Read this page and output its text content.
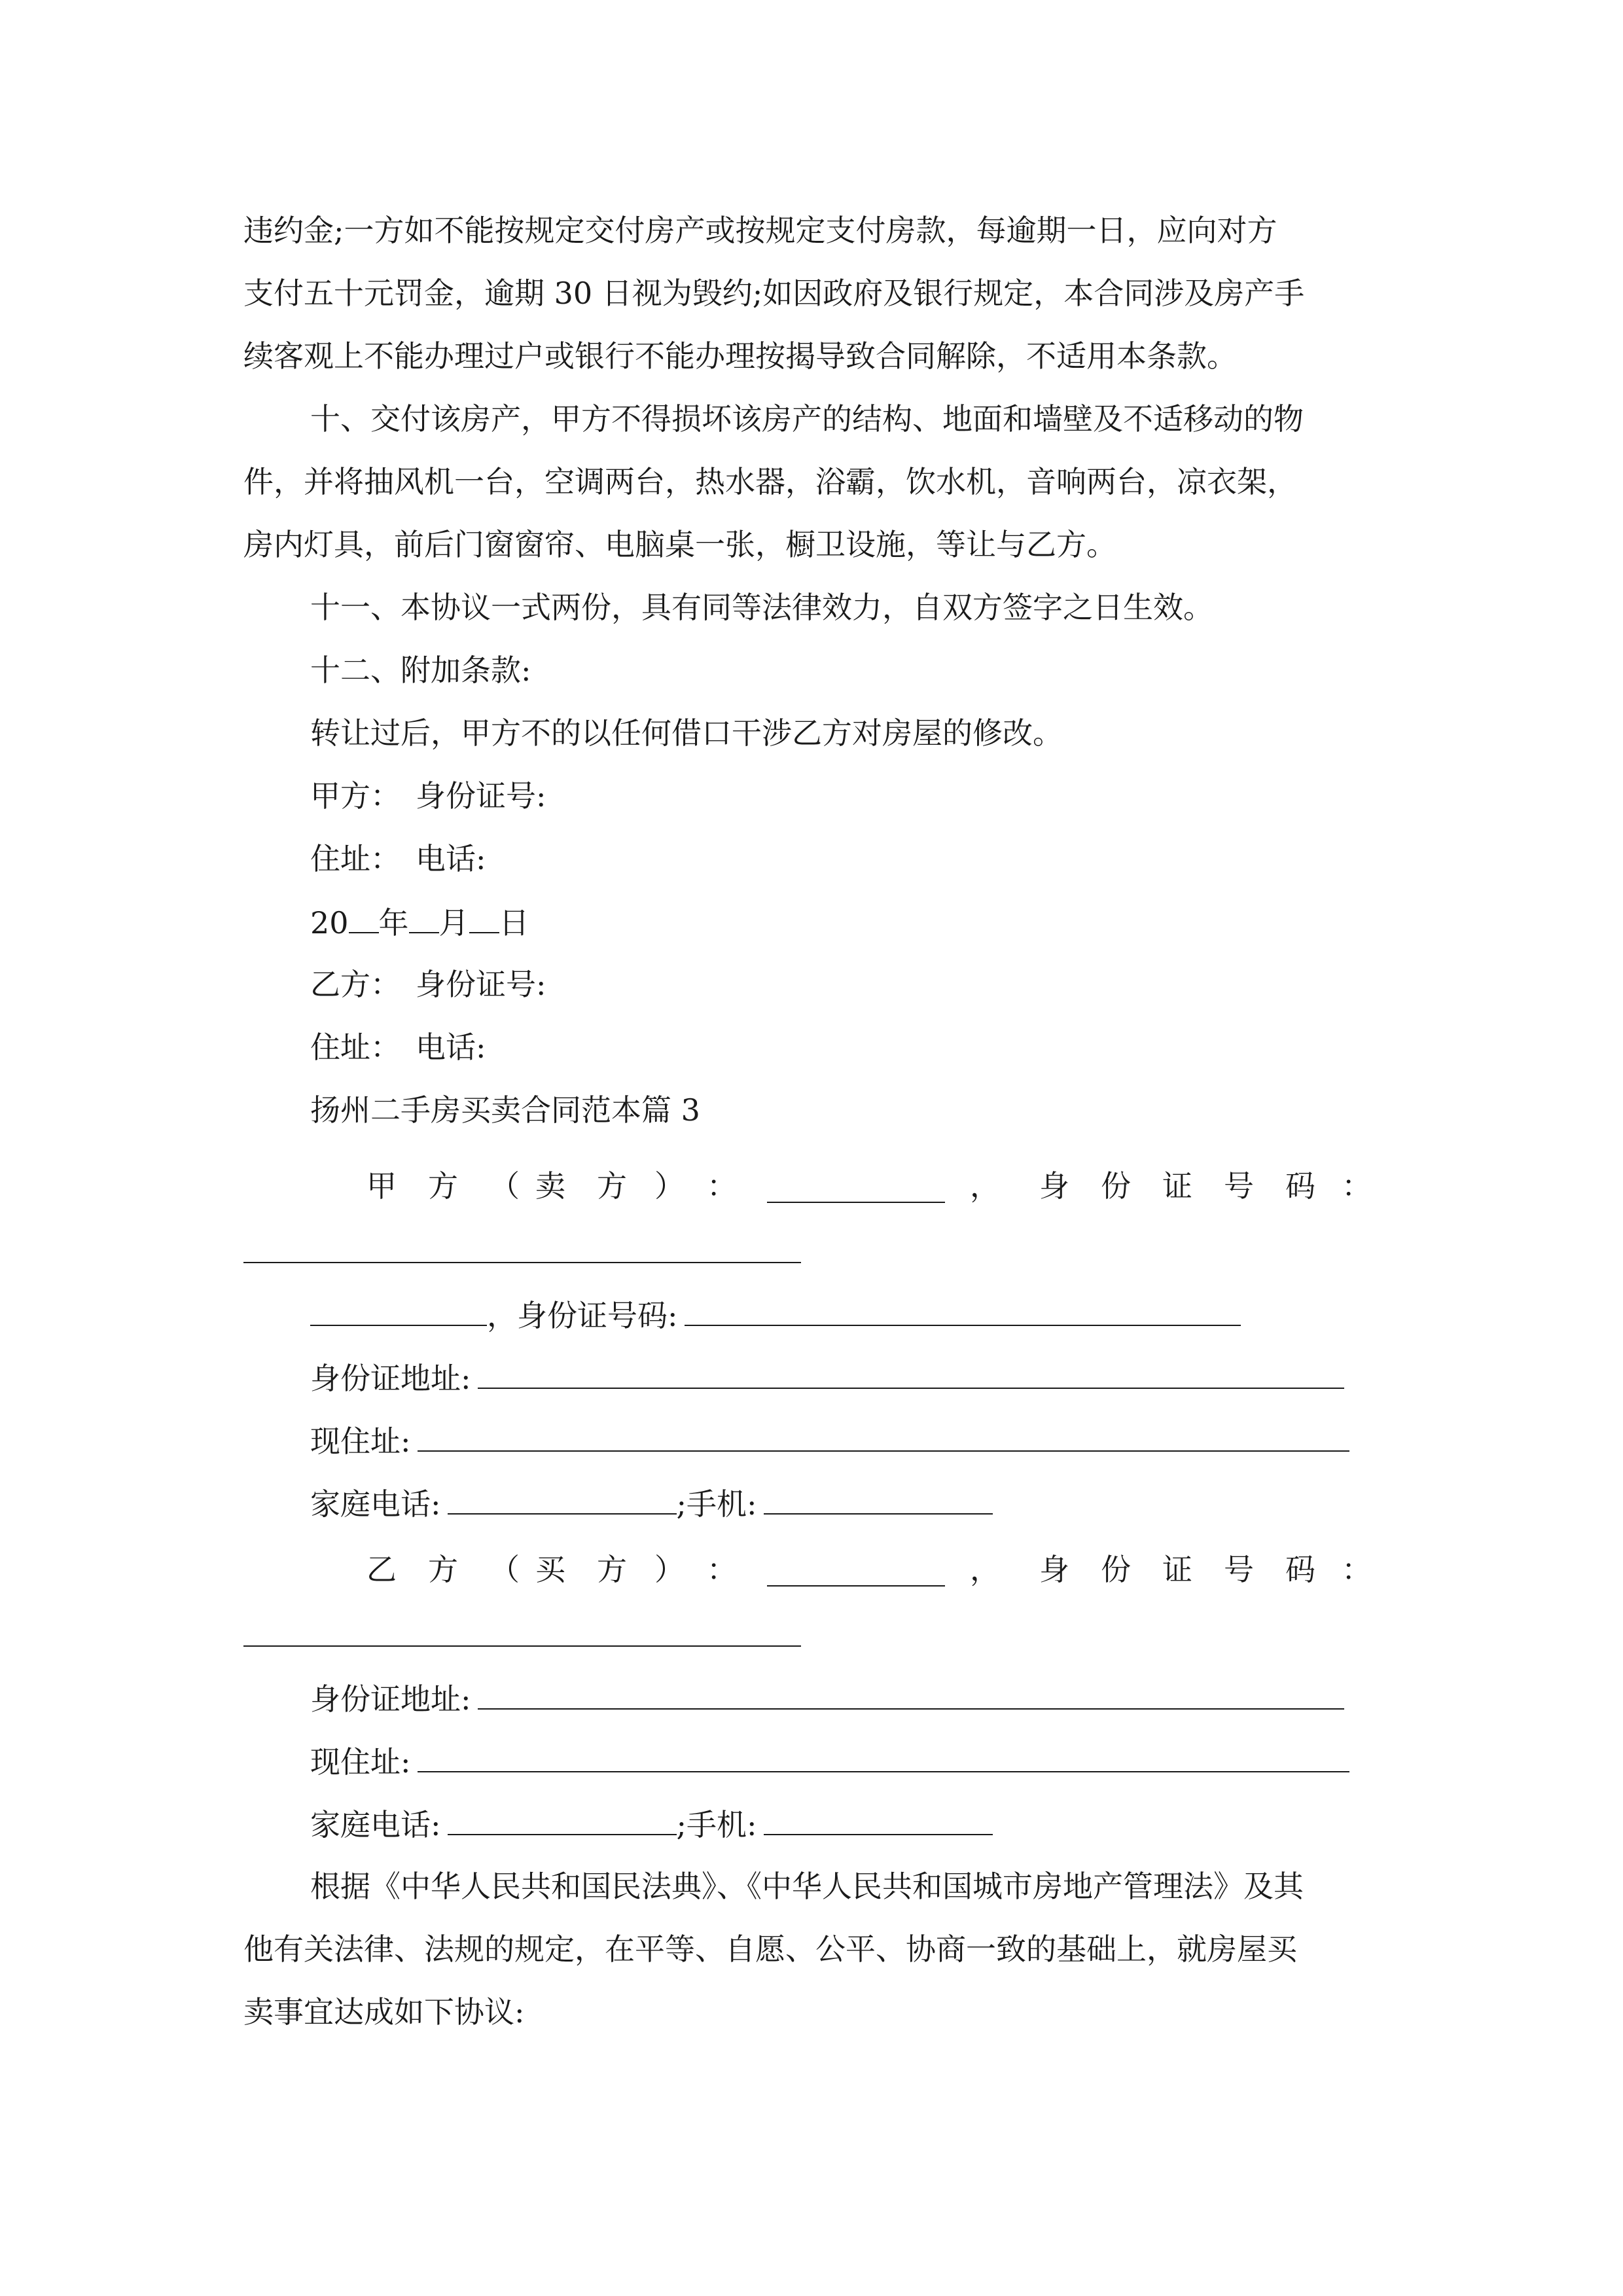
违约金;一方如不能按规定交付房产或按规定支付房款，每逾期一日，应向对方
支付五十元罚金，逾期 30 日视为毁约;如因政府及银行规定，本合同涉及房产手
续客观上不能办理过户或银行不能办理按揭导致合同解除，不适用本条款。
十、交付该房产，甲方不得损坏该房产的结构、地面和墙壁及不适移动的物
件，并将抽风机一台，空调两台，热水器，浴霸，饮水机，音响两台，凉衣架，
房内灯具，前后门窗窗帘、电脑桌一张，橱卫设施，等让与乙方。
十一、本协议一式两份，具有同等法律效力，自双方签字之日生效。
十二、附加条款:
转让过后，甲方不的以任何借口干涉乙方对房屋的修改。
甲方：　身份证号:
住址：　电话:
20 年 月 日
乙方：　身份证号:
住址：　电话:
扬州二手房买卖合同范本篇 3
甲 方 （ 卖 方 ） ：	， 身 份 证 号 码 ：
，身份证号码:
身份证地址:
现住址:
家庭电话:	;手机:
乙 方 （ 买 方 ） ：	， 身 份 证 号 码 ：
身份证地址:
现住址:
家庭电话:	;手机:
根据《中华人民共和国民法典》、《中华人民共和国城市房地产管理法》及其
他有关法律、法规的规定，在平等、自愿、公平、协商一致的基础上，就房屋买
卖事宜达成如下协议:
